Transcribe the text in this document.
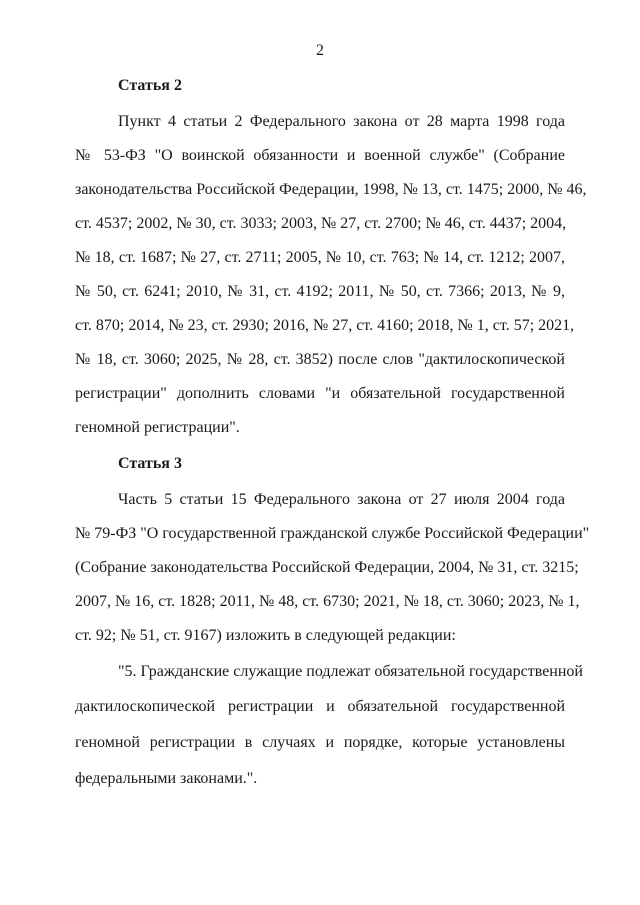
2
Статья 2
Пункт 4 статьи 2 Федерального закона от 28 марта 1998 года
№ 53-ФЗ "О воинской обязанности и военной службе" (Собрание
законодательства Российской Федерации, 1998, № 13, ст. 1475; 2000, № 46,
ст. 4537; 2002, № 30, ст. 3033; 2003, № 27, ст. 2700; № 46, ст. 4437; 2004,
№ 18, ст. 1687; № 27, ст. 2711; 2005, № 10, ст. 763; № 14, ст. 1212; 2007,
№ 50, ст. 6241; 2010, № 31, ст. 4192; 2011, № 50, ст. 7366; 2013, № 9,
ст. 870; 2014, № 23, ст. 2930; 2016, № 27, ст. 4160; 2018, № 1, ст. 57; 2021,
№ 18, ст. 3060; 2025, № 28, ст. 3852) после слов "дактилоскопической
регистрации" дополнить словами "и обязательной государственной
геномной регистрации".
Статья 3
Часть 5 статьи 15 Федерального закона от 27 июля 2004 года
№ 79-ФЗ "О государственной гражданской службе Российской Федерации"
(Собрание законодательства Российской Федерации, 2004, № 31, ст. 3215;
2007, № 16, ст. 1828; 2011, № 48, ст. 6730; 2021, № 18, ст. 3060; 2023, № 1,
ст. 92; № 51, ст. 9167) изложить в следующей редакции:
"5. Гражданские служащие подлежат обязательной государственной
дактилоскопической регистрации и обязательной государственной
геномной регистрации в случаях и порядке, которые установлены
федеральными законами.".
